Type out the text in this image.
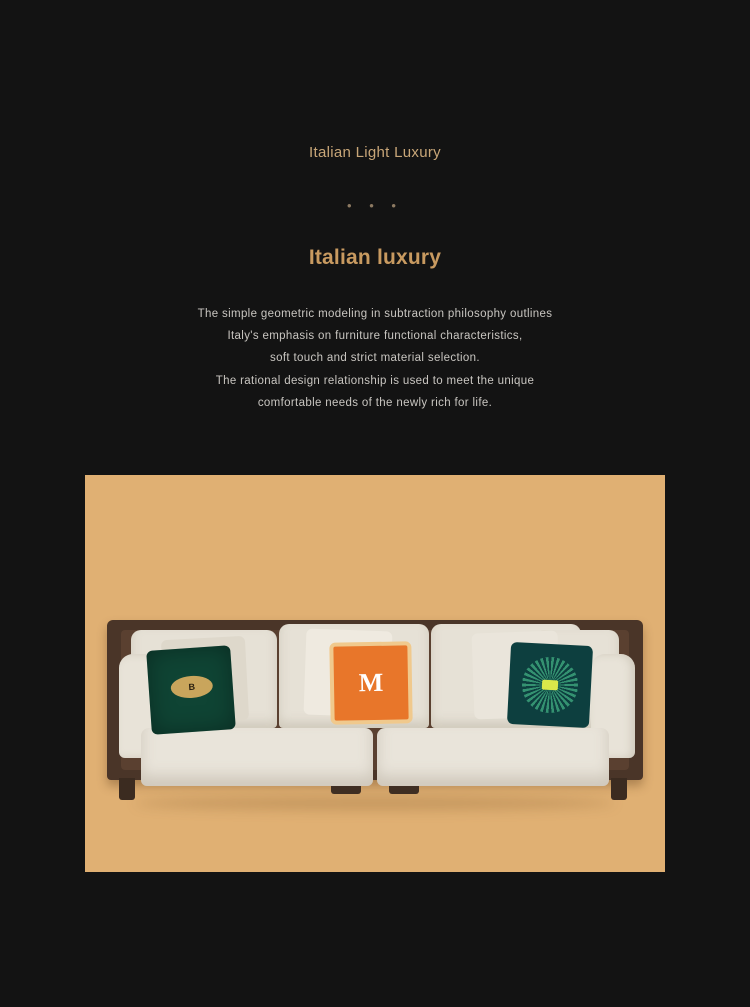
Italian Light Luxury
• • •
Italian luxury
The simple geometric modeling in subtraction philosophy outlines
Italy's emphasis on furniture functional characteristics,
soft touch and strict material selection.
The rational design relationship is used to meet the unique
comfortable needs of the newly rich for life.
B	M
